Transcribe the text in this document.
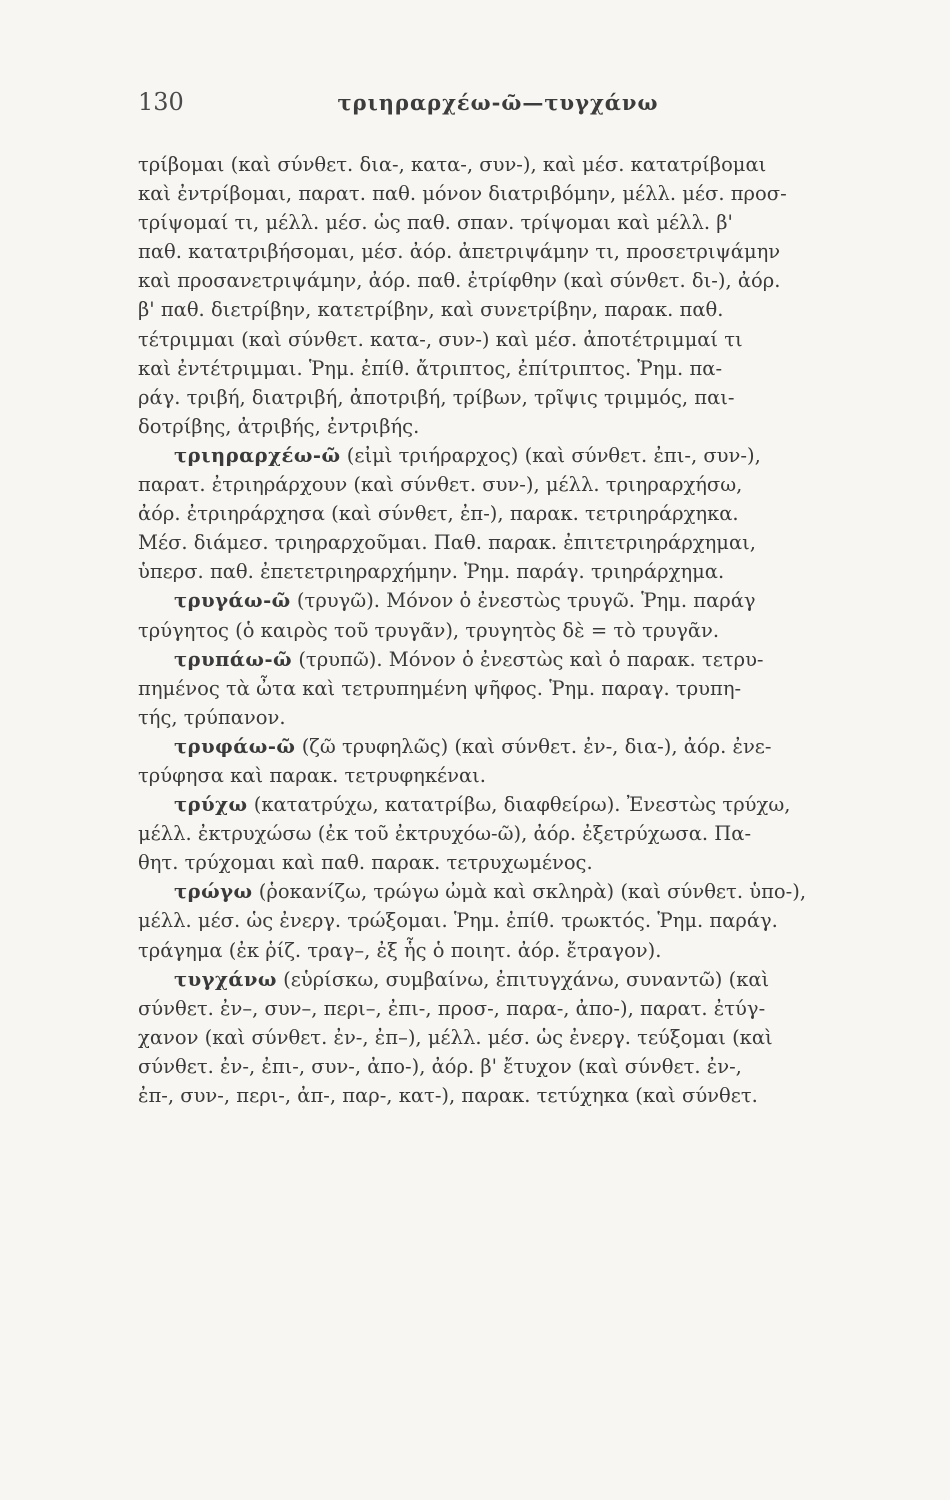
130	τριηραρχέω-ῶ—τυγχάνω
τρίβομαι (καὶ σύνθετ. δια-, κατα-, συν-), καὶ μέσ. κατατρίβομαι
καὶ ἐντρίβομαι, παρατ. παθ. μόνον διατριβόμην, μέλλ. μέσ. προσ-
τρίψομαί τι, μέλλ. μέσ. ὡς παθ. σπαν. τρίψομαι καὶ μέλλ. β'
παθ. κατατριβήσομαι, μέσ. ἀόρ. ἀπετριψάμην τι, προσετριψάμην
καὶ προσανετριψάμην, ἀόρ. παθ. ἐτρίφθην (καὶ σύνθετ. δι-), ἀόρ.
β' παθ. διετρίβην, κατετρίβην, καὶ συνετρίβην, παρακ. παθ.
τέτριμμαι (καὶ σύνθετ. κατα-, συν-) καὶ μέσ. ἀποτέτριμμαί τι
καὶ ἐντέτριμμαι. Ῥημ. ἐπίθ. ἄτριπτος, ἐπίτριπτος. Ῥημ. πα-
ράγ. τριβή, διατριβή, ἀποτριβή, τρίβων, τρῖψις τριμμός, παι-
δοτρίβης, ἀτριβής, ἐντριβής.
τριηραρχέω-ῶ (εἰμὶ τριήραρχος) (καὶ σύνθετ. ἐπι-, συν-),
παρατ. ἐτριηράρχουν (καὶ σύνθετ. συν-), μέλλ. τριηραρχήσω,
ἀόρ. ἐτριηράρχησα (καὶ σύνθετ, ἐπ-), παρακ. τετριηράρχηκα.
Μέσ. διάμεσ. τριηραρχοῦμαι. Παθ. παρακ. ἐπιτετριηράρχημαι,
ὑπερσ. παθ. ἐπετετριηραρχήμην. Ῥημ. παράγ. τριηράρχημα.
τρυγάω-ῶ (τρυγῶ). Μόνον ὁ ἐνεστὼς τρυγῶ. Ῥημ. παράγ
τρύγητος (ὁ καιρὸς τοῦ τρυγᾶν), τρυγητὸς δὲ = τὸ τρυγᾶν.
τρυπάω-ῶ (τρυπῶ). Μόνον ὁ ἐνεστὼς καὶ ὁ παρακ. τετρυ-
πημένος τὰ ὦτα καὶ τετρυπημένη ψῆφος. Ῥημ. παραγ. τρυπη-
τής, τρύπανον.
τρυφάω-ῶ (ζῶ τρυφηλῶς) (καὶ σύνθετ. ἐν-, δια-), ἀόρ. ἐνε-
τρύφησα καὶ παρακ. τετρυφηκέναι.
τρύχω (κατατρύχω, κατατρίβω, διαφθείρω). Ἐνεστὼς τρύχω,
μέλλ. ἐκτρυχώσω (ἐκ τοῦ ἐκτρυχόω-ῶ), ἀόρ. ἐξετρύχωσα. Πα-
θητ. τρύχομαι καὶ παθ. παρακ. τετρυχωμένος.
τρώγω (ῥοκανίζω, τρώγω ὠμὰ καὶ σκληρὰ) (καὶ σύνθετ. ὑπο-),
μέλλ. μέσ. ὡς ἐνεργ. τρώξομαι. Ῥημ. ἐπίθ. τρωκτός. Ῥημ. παράγ.
τράγημα (ἐκ ῥίζ. τραγ–, ἐξ ἧς ὁ ποιητ. ἀόρ. ἔτραγον).
τυγχάνω (εὑρίσκω, συμβαίνω, ἐπιτυγχάνω, συναντῶ) (καὶ
σύνθετ. ἐν–, συν–, περι–, ἐπι-, προσ-, παρα-, ἀπο-), παρατ. ἐτύγ-
χανον (καὶ σύνθετ. ἐν-, ἐπ–), μέλλ. μέσ. ὡς ἐνεργ. τεύξομαι (καὶ
σύνθετ. ἐν-, ἐπι-, συν-, ἀπο-), ἀόρ. β' ἔτυχον (καὶ σύνθετ. ἐν-,
ἐπ-, συν-, περι-, ἀπ-, παρ-, κατ-), παρακ. τετύχηκα (καὶ σύνθετ.
